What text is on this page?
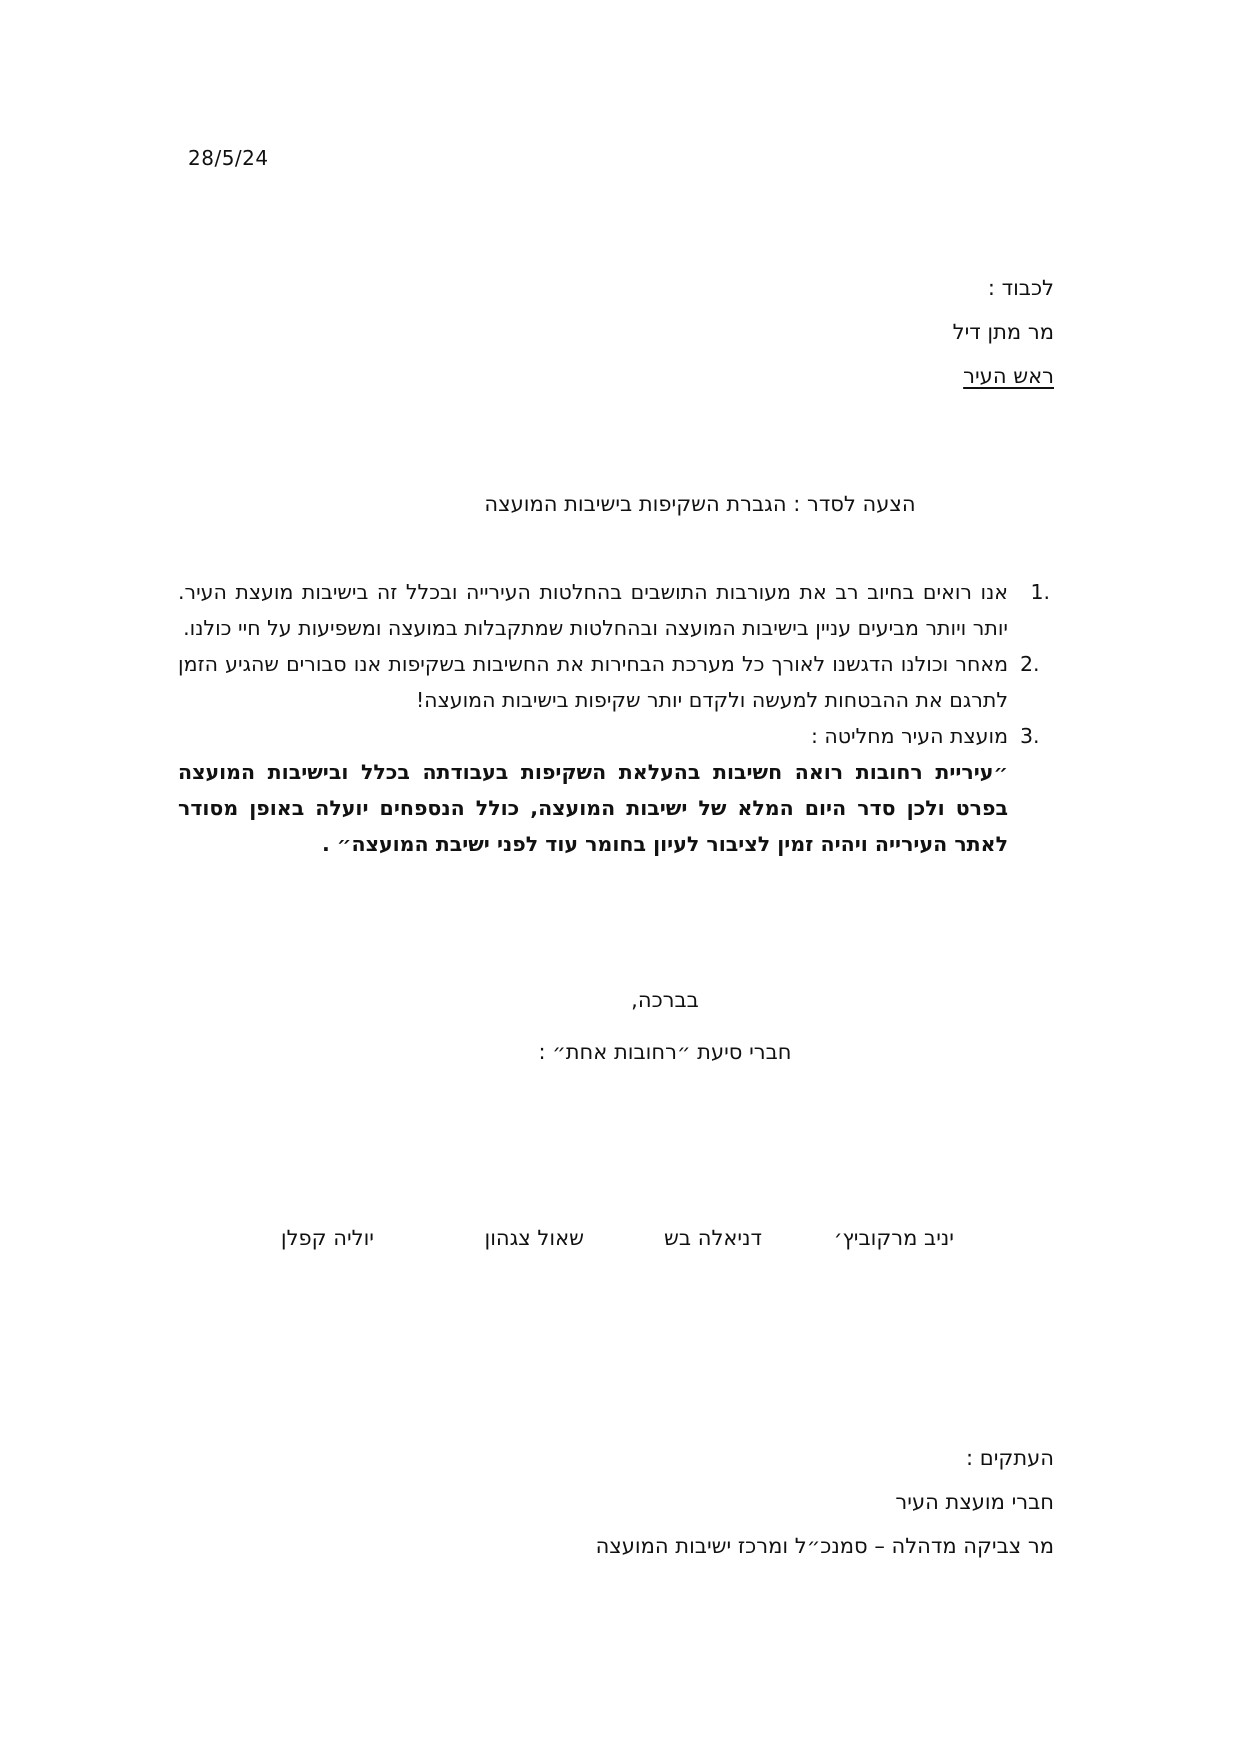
28/5/24
לכבוד :
מר מתן דיל
ראש העיר
הצעה לסדר : הגברת השקיפות בישיבות המועצה
1.
אנו רואים בחיוב רב את מעורבות התושבים בהחלטות העירייה ובכלל זה בישיבות מועצת העיר. יותר ויותר מביעים עניין בישיבות המועצה ובהחלטות שמתקבלות במועצה ומשפיעות על חיי כולנו.
2.
מאחר וכולנו הדגשנו לאורך כל מערכת הבחירות את החשיבות בשקיפות אנו סבורים שהגיע הזמן לתרגם את ההבטחות למעשה ולקדם יותר שקיפות בישיבות המועצה!
3.
מועצת העיר מחליטה :
״עיריית רחובות רואה חשיבות בהעלאת השקיפות בעבודתה בכלל ובישיבות המועצה בפרט ולכן סדר היום המלא של ישיבות המועצה, כולל הנספחים יועלה באופן מסודר לאתר העירייה ויהיה זמין לציבור לעיון בחומר עוד לפני ישיבת המועצה״ .
בברכה,
חברי סיעת ״רחובות אחת״ :
יניב מרקוביץ׳
דניאלה בש
שאול צגהון
יוליה קפלן
העתקים :
חברי מועצת העיר
מר צביקה מדהלה – סמנכ״ל ומרכז ישיבות המועצה
